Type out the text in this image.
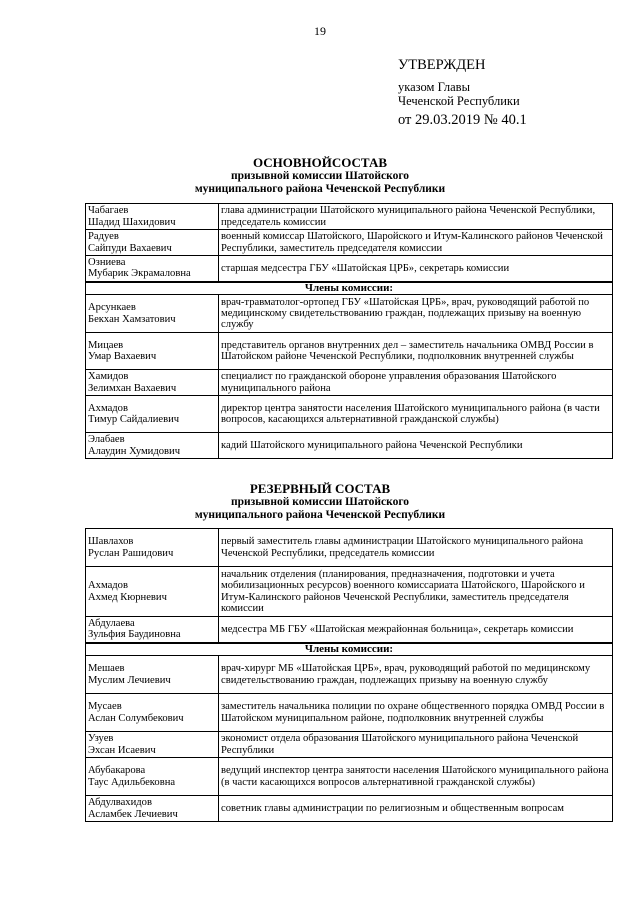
19
УТВЕРЖДЕН
указом Главы
Чеченской Республики
от 29.03.2019 № 40.1
ОСНОВНОЙСОСТАВ
призывной комиссии Шатойского
муниципального района Чеченской Республики
Чабагаев
Шадид Шахидович	глава администрации Шатойского муниципального района Чеченской Республики, председатель комиссии

Радуев
Сайпуди Вахаевич	военный комиссар Шатойского, Шаройского и Итум-Калинского районов Чеченской Республики, заместитель председателя комиссии

Озниева
Мубарик Экрамаловна	старшая медсестра ГБУ «Шатойская ЦРБ», секретарь комиссии
Члены комиссии:	

Арсункаев
Бекхан Хамзатович	врач-травматолог-ортопед ГБУ «Шатойская ЦРБ», врач, руководящий работой по медицинскому свидетельствованию граждан, подлежащих призыву на военную службу

Мицаев
Умар Вахаевич	представитель органов внутренних дел – заместитель начальника ОМВД России в Шатойском районе Чеченской Республики, подполковник внутренней службы

Хамидов
Зелимхан Вахаевич	специалист по гражданской обороне управления образования Шатойского муниципального района

Ахмадов
Тимур Сайдалиевич	директор центра занятости населения Шатойского муниципального района (в части вопросов, касающихся альтернативной гражданской службы)

Элабаев
Алаудин Хумидович	кадий Шатойского муниципального района Чеченской Республики
РЕЗЕРВНЫЙ СОСТАВ
призывной комиссии Шатойского
муниципального района Чеченской Республики
Шавлахов
Руслан Рашидович	первый заместитель главы администрации Шатойского муниципального района Чеченской Республики, председатель комиссии

Ахмадов
Ахмед Кюрневич	начальник отделения (планирования, предназначения, подготовки и учета мобилизационных ресурсов) военного комиссариата Шатойского, Шаройского и Итум-Калинского районов Чеченской Республики, заместитель председателя комиссии

Абдулаева
Зульфия Баудиновна	медсестра МБ ГБУ «Шатойская межрайонная больница», секретарь комиссии
Члены комиссии:	

Мешаев
Муслим Лечиевич	врач-хирург МБ «Шатойская ЦРБ», врач, руководящий работой по медицинскому свидетельствованию граждан, подлежащих призыву на военную службу

Мусаев
Аслан Солумбекович	заместитель начальника полиции по охране общественного порядка ОМВД России в Шатойском муниципальном районе, подполковник внутренней службы

Узуев
Эхсан Исаевич	экономист отдела образования Шатойского муниципального района Чеченской Республики

Абубакарова
Таус Адильбековна	ведущий инспектор центра занятости населения Шатойского муниципального района (в части касающихся вопросов альтернативной гражданской службы)

Абдулвахидов
Асламбек Лечиевич	советник главы администрации по религиозным и общественным вопросам
